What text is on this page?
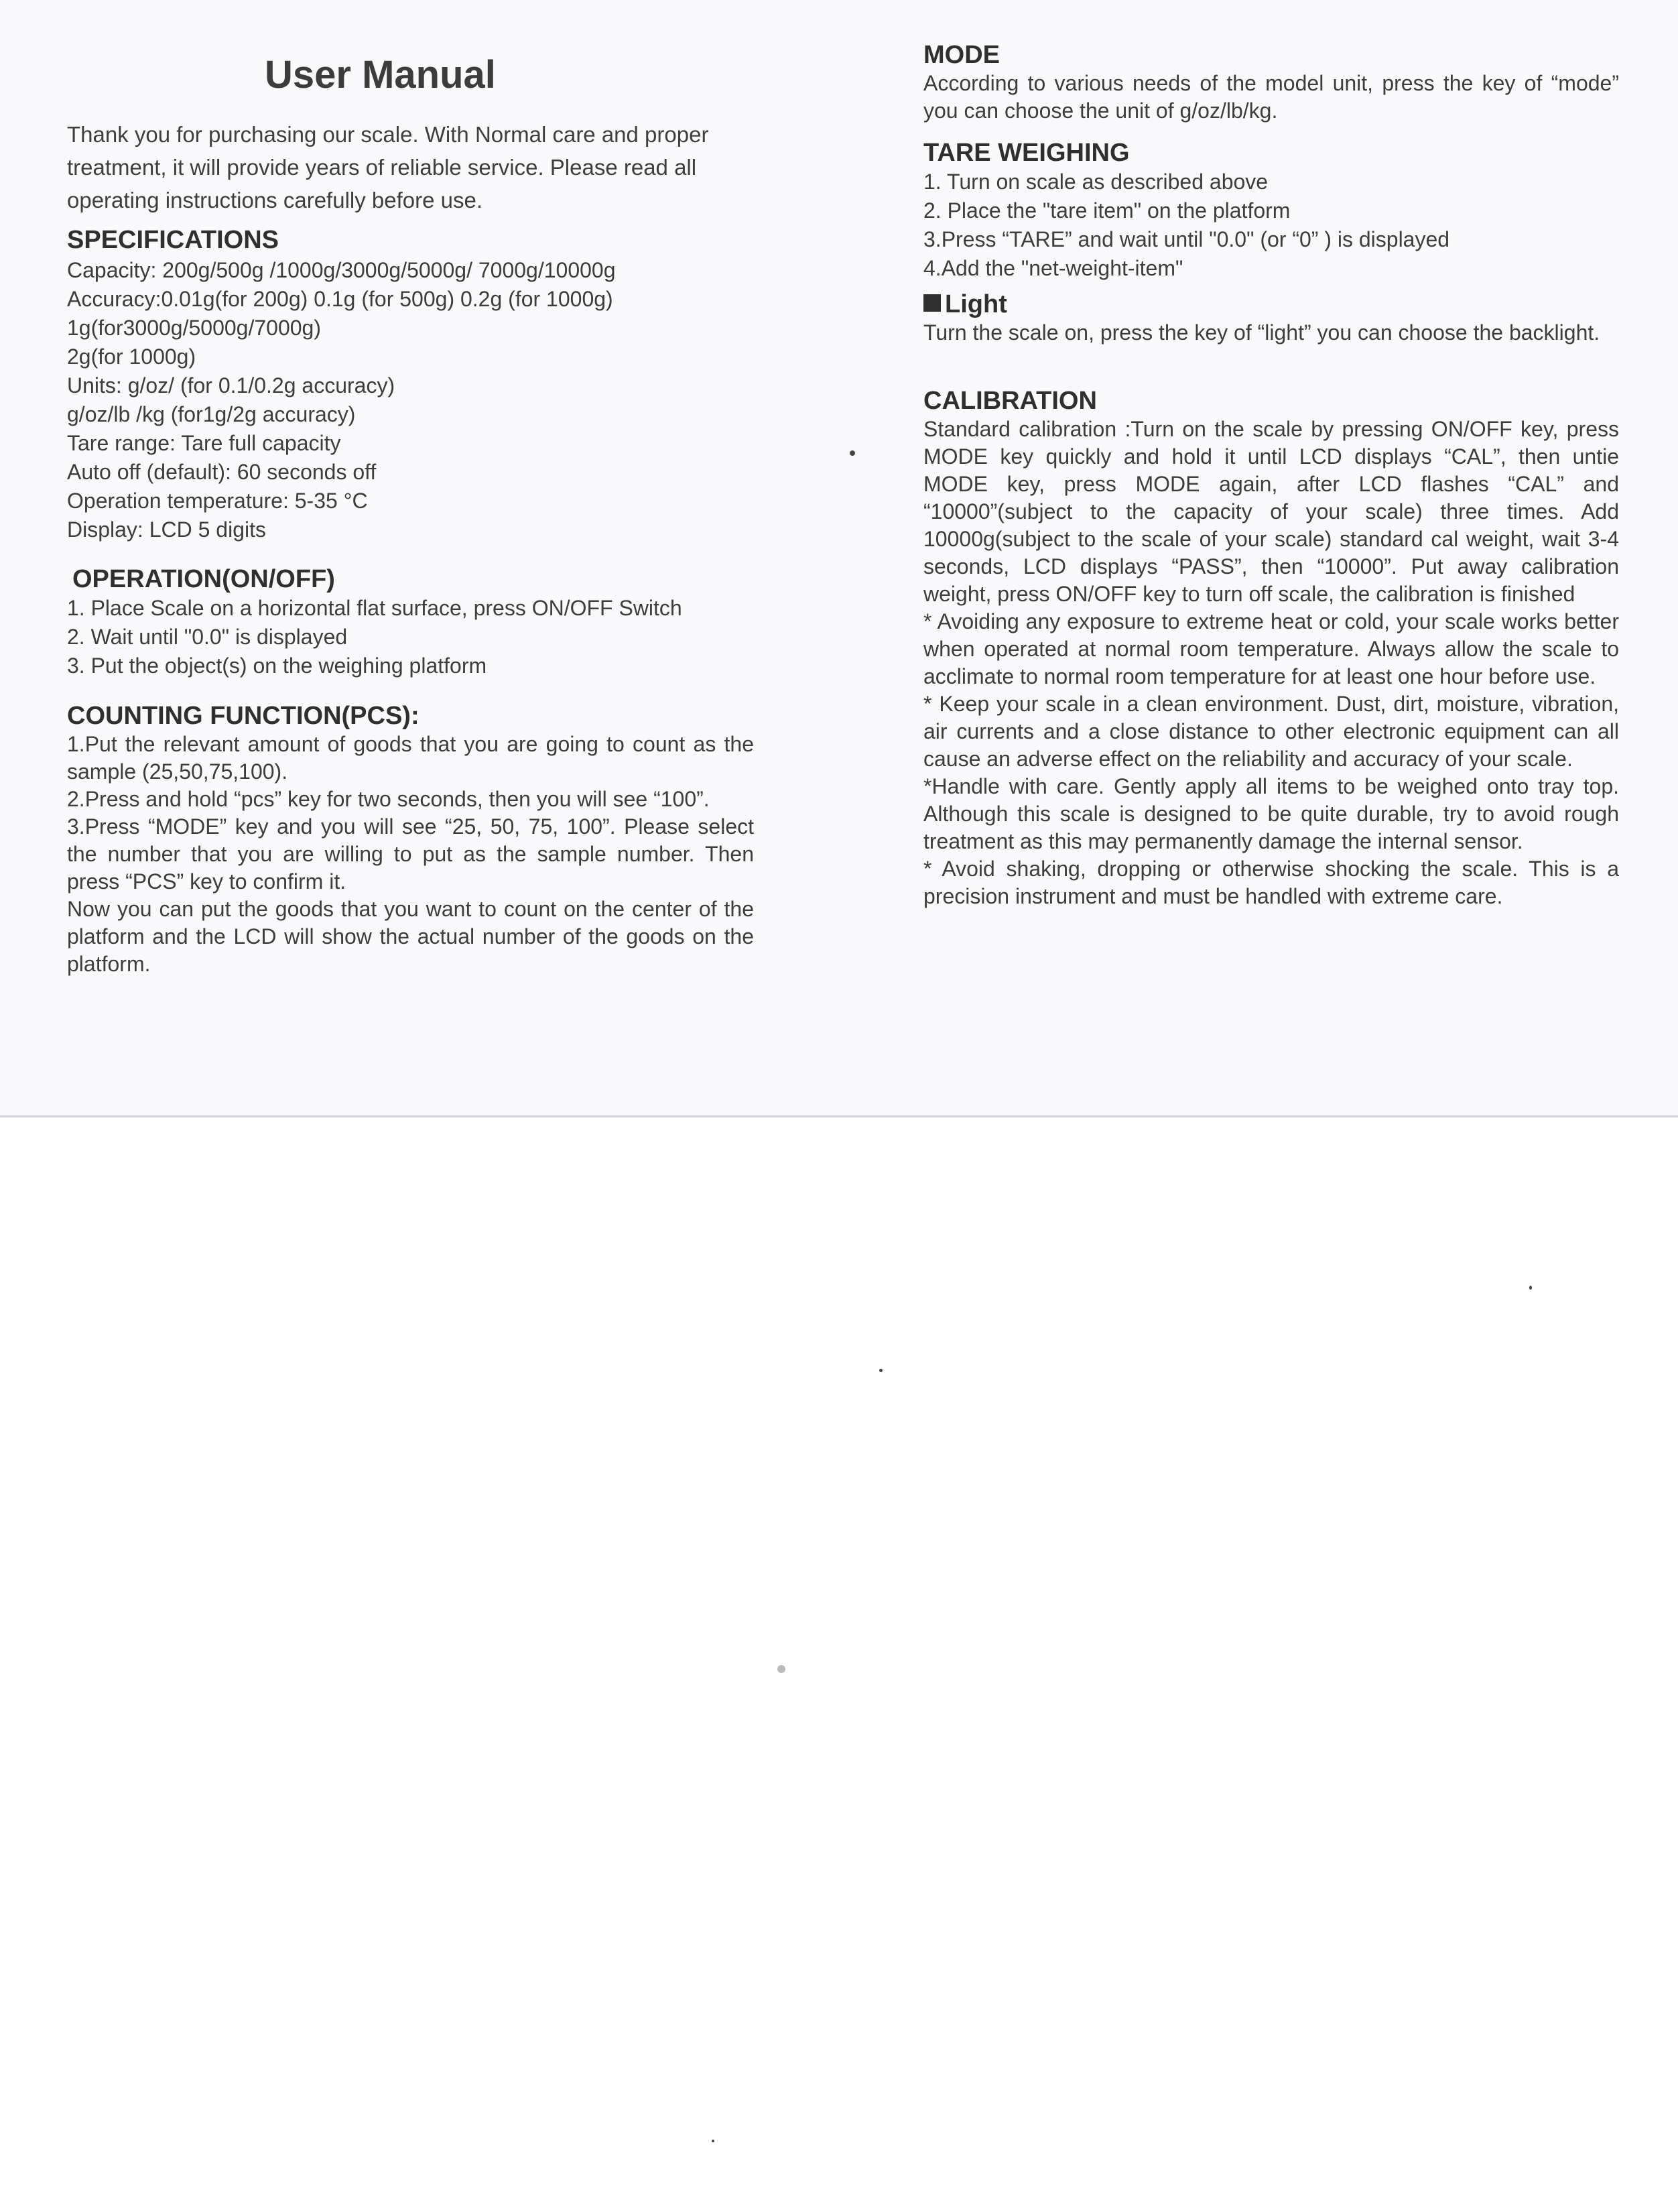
User Manual

Thank you for purchasing our scale. With Normal care and proper treatment, it will provide years of reliable service. Please read all operating instructions carefully before use.

SPECIFICATIONS
Capacity: 200g/500g /1000g/3000g/5000g/ 7000g/10000g
Accuracy:0.01g(for 200g) 0.1g (for 500g) 0.2g (for 1000g)
1g(for3000g/5000g/7000g)
2g(for 1000g)
Units: g/oz/ (for 0.1/0.2g accuracy)
g/oz/lb /kg (for1g/2g accuracy)
Tare range: Tare full capacity
Auto off (default): 60 seconds off
Operation temperature: 5-35 °C
Display: LCD 5 digits
OPERATION(ON/OFF)
1. Place Scale on a horizontal flat surface, press ON/OFF Switch
2. Wait until "0.0" is displayed
3. Put the object(s) on the weighing platform
COUNTING FUNCTION(PCS):

1.Put the relevant amount of goods that you are going to count as the sample (25,50,75,100).

2.Press and hold “pcs” key for two seconds, then you will see “100”.

3.Press “MODE” key and you will see “25, 50, 75, 100”. Please select the number that you are willing to put as the sample number. Then press “PCS” key to confirm it.

Now you can put the goods that you want to count on the center of the platform and the LCD will show the actual number of the goods on the platform.

MODE

According to various needs of the model unit, press the key of “mode” you can choose the unit of g/oz/lb/kg.

TARE WEIGHING
1. Turn on scale as described above
2. Place the "tare item" on the platform
3.Press “TARE” and wait until "0.0" (or “0” ) is displayed
4.Add the "net-weight-item"
Light

Turn the scale on, press the key of “light” you can choose the backlight.

CALIBRATION

Standard calibration :Turn on the scale by pressing ON/OFF key, press MODE key quickly and hold it until LCD displays “CAL”, then untie MODE key, press MODE again, after LCD flashes “CAL” and “10000”(subject to the capacity of your scale) three times. Add 10000g(subject to the scale of your scale) standard cal weight, wait 3-4 seconds, LCD displays “PASS”, then “10000”. Put away calibration weight, press ON/OFF key to turn off scale, the calibration is finished

* Avoiding any exposure to extreme heat or cold, your scale works better when operated at normal room temperature. Always allow the scale to acclimate to normal room temperature for at least one hour before use.

* Keep your scale in a clean environment. Dust, dirt, moisture, vibration, air currents and a close distance to other electronic equipment can all cause an adverse effect on the reliability and accuracy of your scale.

*Handle with care. Gently apply all items to be weighed onto tray top. Although this scale is designed to be quite durable, try to avoid rough treatment as this may permanently damage the internal sensor.

* Avoid shaking, dropping or otherwise shocking the scale. This is a precision instrument and must be handled with extreme care.
